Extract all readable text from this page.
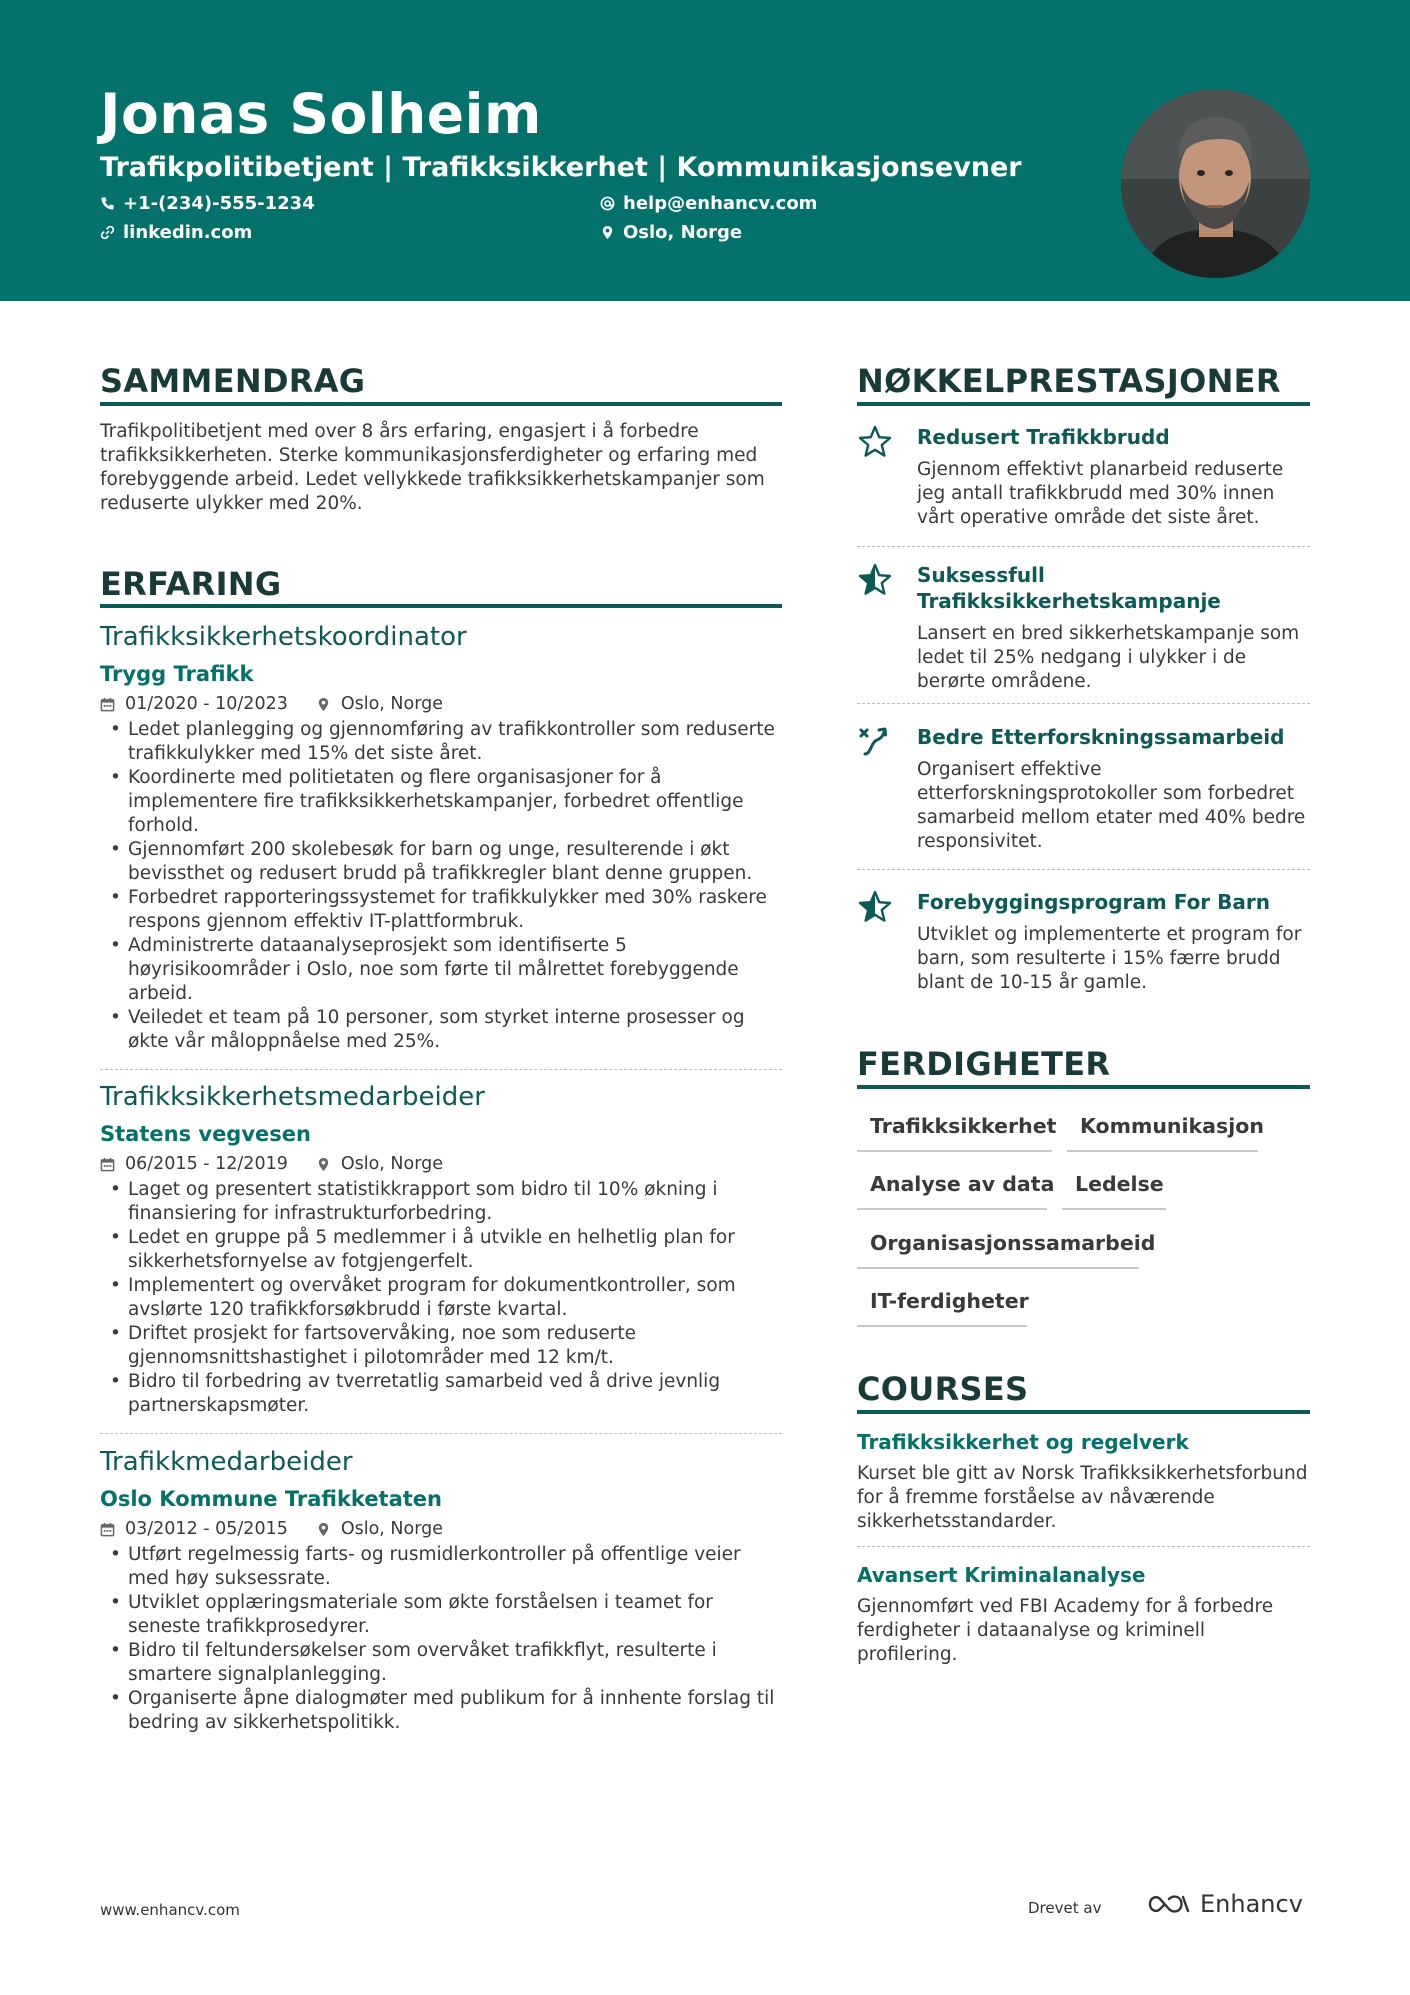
Jonas Solheim
Trafikpolitibetjent | Trafikksikkerhet | Kommunikasjonsevner
+1-(234)-555-1234	help@enhancv.com
linkedin.com	Oslo, Norge
SAMMENDRAG
Trafikpolitibetjent med over 8 års erfaring, engasjert i å forbedre trafikksikkerheten. Sterke kommunikasjonsferdigheter og erfaring med forebyggende arbeid. Ledet vellykkede trafikksikkerhetskampanjer som reduserte ulykker med 20%.
ERFARING
Trafikksikkerhetskoordinator
Trygg Trafikk
01/2020 - 10/2023	Oslo, Norge
• Ledet planlegging og gjennomføring av trafikkontroller som reduserte trafikkulykker med 15% det siste året.
• Koordinerte med politietaten og flere organisasjoner for å implementere fire trafikksikkerhetskampanjer, forbedret offentlige forhold.
• Gjennomført 200 skolebesøk for barn og unge, resulterende i økt bevissthet og redusert brudd på trafikkregler blant denne gruppen.
• Forbedret rapporteringssystemet for trafikkulykker med 30% raskere respons gjennom effektiv IT-plattformbruk.
• Administrerte dataanalyseprosjekt som identifiserte 5 høyrisikoområder i Oslo, noe som førte til målrettet forebyggende arbeid.
• Veiledet et team på 10 personer, som styrket interne prosesser og økte vår måloppnåelse med 25%.
Trafikksikkerhetsmedarbeider
Statens vegvesen
06/2015 - 12/2019	Oslo, Norge
• Laget og presentert statistikkrapport som bidro til 10% økning i finansiering for infrastrukturforbedring.
• Ledet en gruppe på 5 medlemmer i å utvikle en helhetlig plan for sikkerhetsfornyelse av fotgjengerfelt.
• Implementert og overvåket program for dokumentkontroller, som avslørte 120 trafikkforsøkbrudd i første kvartal.
• Driftet prosjekt for fartsovervåking, noe som reduserte gjennomsnittshastighet i pilotområder med 12 km/t.
• Bidro til forbedring av tverretatlig samarbeid ved å drive jevnlig partnerskapsmøter.
Trafikkmedarbeider
Oslo Kommune Trafikketaten
03/2012 - 05/2015	Oslo, Norge
• Utført regelmessig farts- og rusmidlerkontroller på offentlige veier med høy suksessrate.
• Utviklet opplæringsmateriale som økte forståelsen i teamet for seneste trafikkprosedyrer.
• Bidro til feltundersøkelser som overvåket trafikkflyt, resulterte i smartere signalplanlegging.
• Organiserte åpne dialogmøter med publikum for å innhente forslag til bedring av sikkerhetspolitikk.
NØKKELPRESTASJONER
Redusert Trafikkbrudd
Gjennom effektivt planarbeid reduserte jeg antall trafikkbrudd med 30% innen vårt operative område det siste året.
Suksessfull Trafikksikkerhetskampanje
Lansert en bred sikkerhetskampanje som ledet til 25% nedgang i ulykker i de berørte områdene.
Bedre Etterforskningssamarbeid
Organisert effektive etterforskningsprotokoller som forbedret samarbeid mellom etater med 40% bedre responsivitet.
Forebyggingsprogram For Barn
Utviklet og implementerte et program for barn, som resulterte i 15% færre brudd blant de 10-15 år gamle.
FERDIGHETER
Trafikksikkerhet	Kommunikasjon
Analyse av data	Ledelse
Organisasjonssamarbeid
IT-ferdigheter
COURSES
Trafikksikkerhet og regelverk
Kurset ble gitt av Norsk Trafikksikkerhetsforbund for å fremme forståelse av nåværende sikkerhetsstandarder.
Avansert Kriminalanalyse
Gjennomført ved FBI Academy for å forbedre ferdigheter i dataanalyse og kriminell profilering.
www.enhancv.com	Drevet av	Enhancv
